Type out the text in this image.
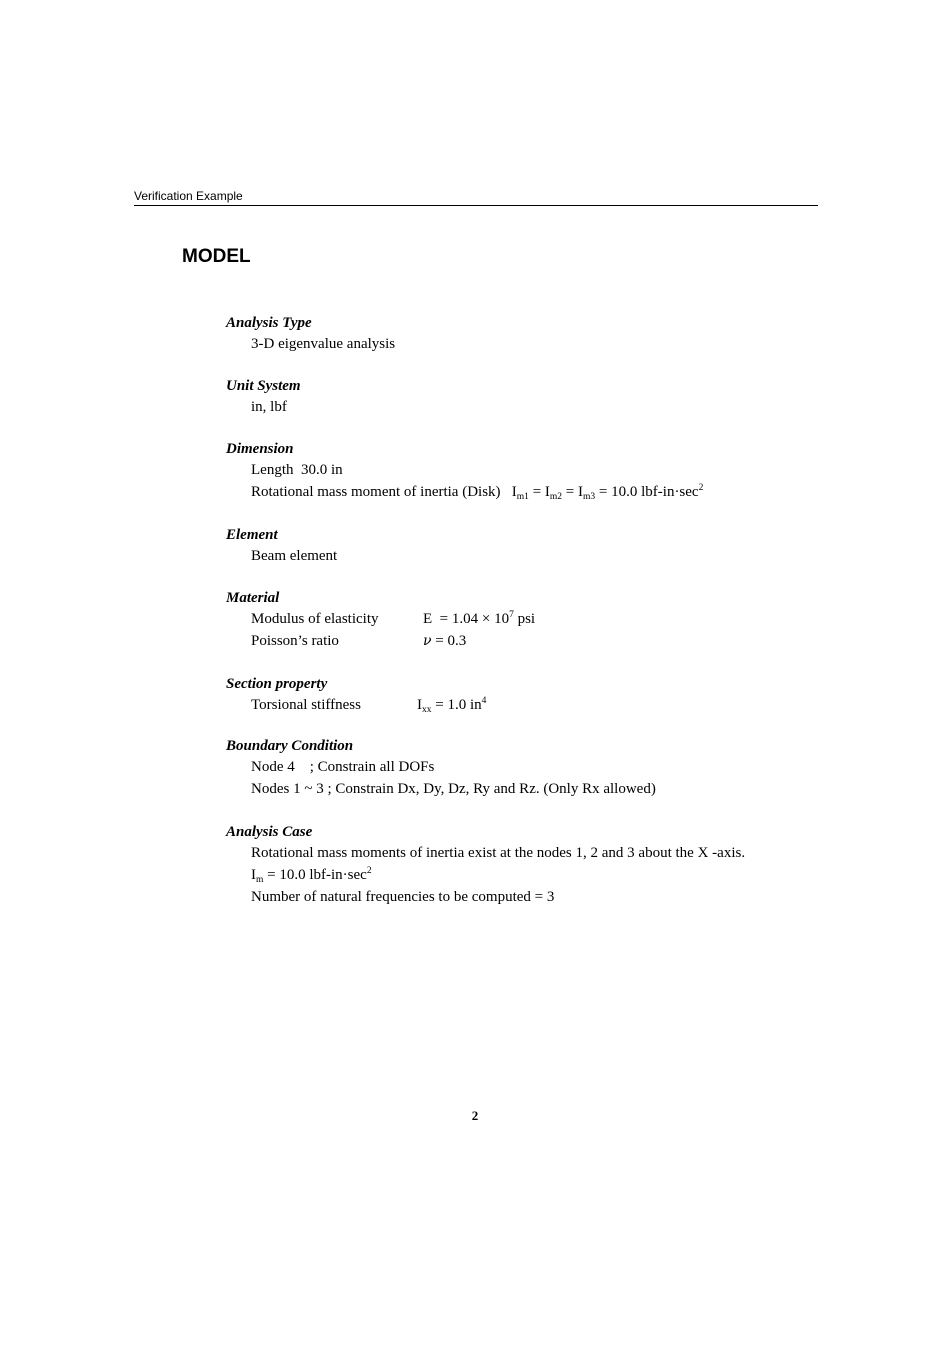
Verification Example
MODEL
Analysis Type
3-D eigenvalue analysis
Unit System
in, lbf
Dimension
Length 30.0 in
Rotational mass moment of inertia (Disk) $I_{m1} = I_{m2} = I_{m3} = 10.0$ lbf-$in\cdot\sec^2$
Element
Beam element
Material
Modulus of elasticity	$E = 1.04 \times 10^7$ psi
Poisson’s ratio	ν = 0.3
Section property
Torsional stiffness	$I_{xx} = 1.0$ $in^4$
Boundary Condition
Node 4 ; Constrain all DOFs
Nodes 1 ~ 3 ; Constrain Dx, Dy, Dz, Ry and Rz. (Only Rx allowed)
Analysis Case
Rotational mass moments of inertia exist at the nodes 1, 2 and 3 about the X -axis.
$I_m = 10.0$ lbf-$in\cdot\sec^2$
Number of natural frequencies to be computed = 3
2
